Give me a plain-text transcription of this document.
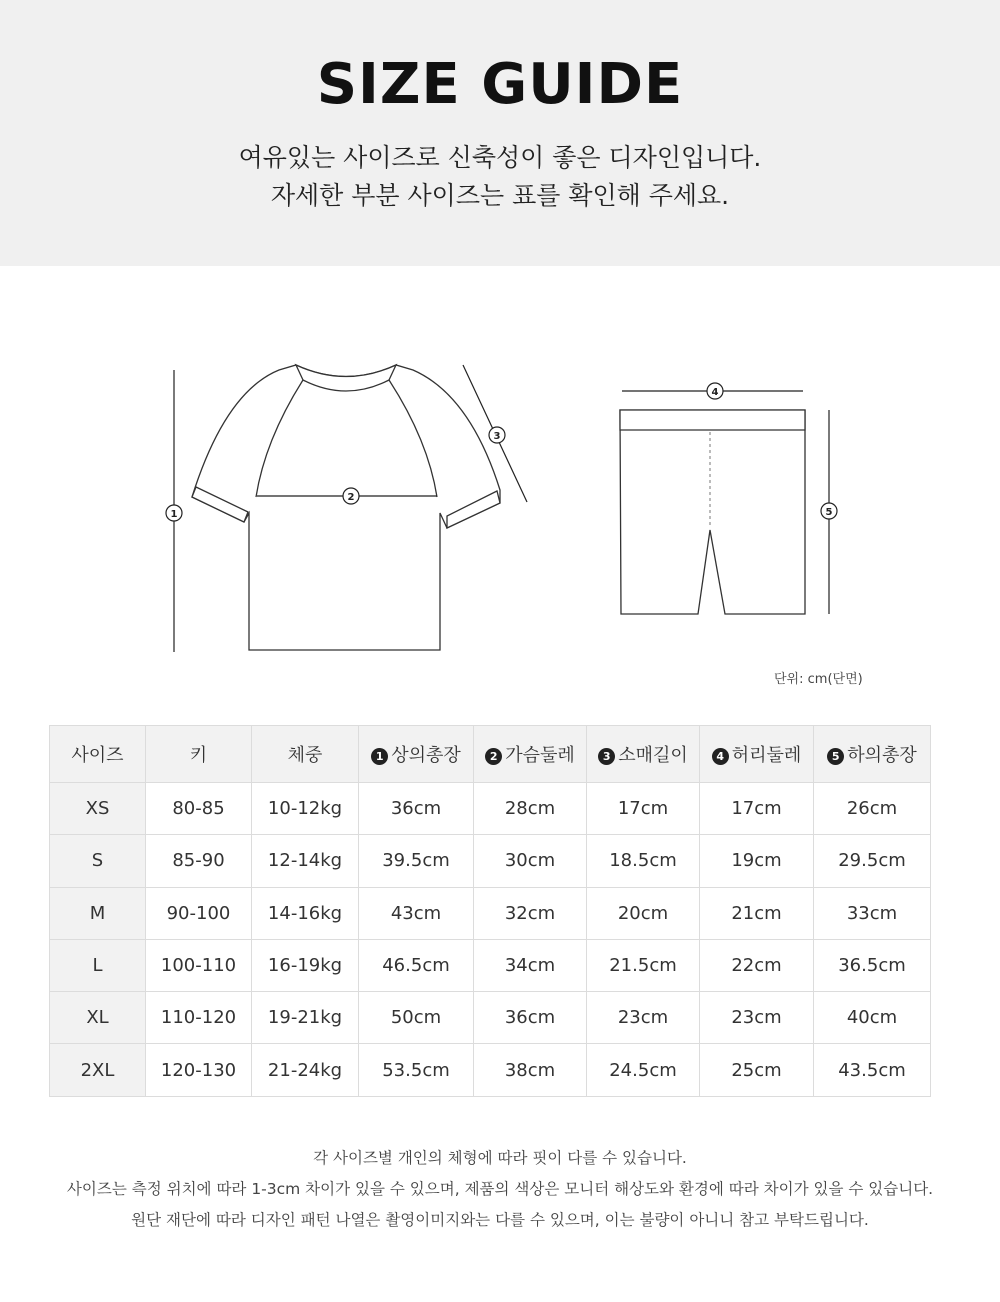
SIZE GUIDE
여유있는 사이즈로 신축성이 좋은 디자인입니다.
자세한 부분 사이즈는 표를 확인해 주세요.
1
2
3
4
5
단위: cm(단면)
사이즈	키	체중	1 상의총장	2 가슴둘레	3 소매길이	4 허리둘레	5 하의총장
XS	80-85	10-12kg	36cm	28cm	17cm	17cm	26cm
S	85-90	12-14kg	39.5cm	30cm	18.5cm	19cm	29.5cm
M	90-100	14-16kg	43cm	32cm	20cm	21cm	33cm
L	100-110	16-19kg	46.5cm	34cm	21.5cm	22cm	36.5cm
XL	110-120	19-21kg	50cm	36cm	23cm	23cm	40cm
2XL	120-130	21-24kg	53.5cm	38cm	24.5cm	25cm	43.5cm
각 사이즈별 개인의 체형에 따라 핏이 다를 수 있습니다.
사이즈는 측정 위치에 따라 1-3cm 차이가 있을 수 있으며, 제품의 색상은 모니터 해상도와 환경에 따라 차이가 있을 수 있습니다.
원단 재단에 따라 디자인 패턴 나열은 촬영이미지와는 다를 수 있으며, 이는 불량이 아니니 참고 부탁드립니다.
